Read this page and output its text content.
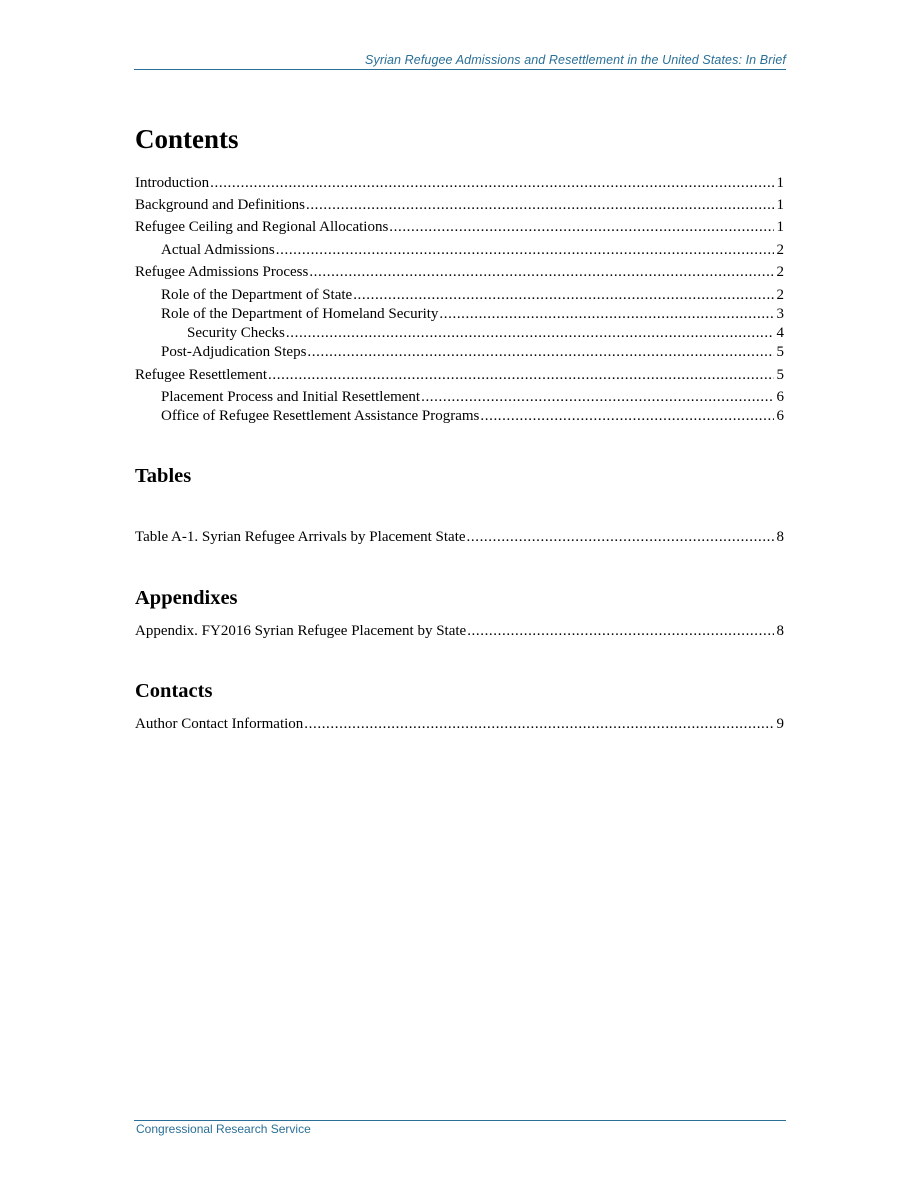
Syrian Refugee Admissions and Resettlement in the United States: In Brief
Contents
Introduction .....	1
Background and Definitions .....	1
Refugee Ceiling and Regional Allocations .....	1
Actual Admissions .....	2
Refugee Admissions Process .....	2
Role of the Department of State .....	2
Role of the Department of Homeland Security .....	3
Security Checks .....	4
Post-Adjudication Steps .....	5
Refugee Resettlement .....	5
Placement Process and Initial Resettlement .....	6
Office of Refugee Resettlement Assistance Programs .....	6
Tables
Table A-1. Syrian Refugee Arrivals by Placement State .....	8
Appendixes
Appendix. FY2016 Syrian Refugee Placement by State .....	8
Contacts
Author Contact Information .....	9
Congressional Research Service
